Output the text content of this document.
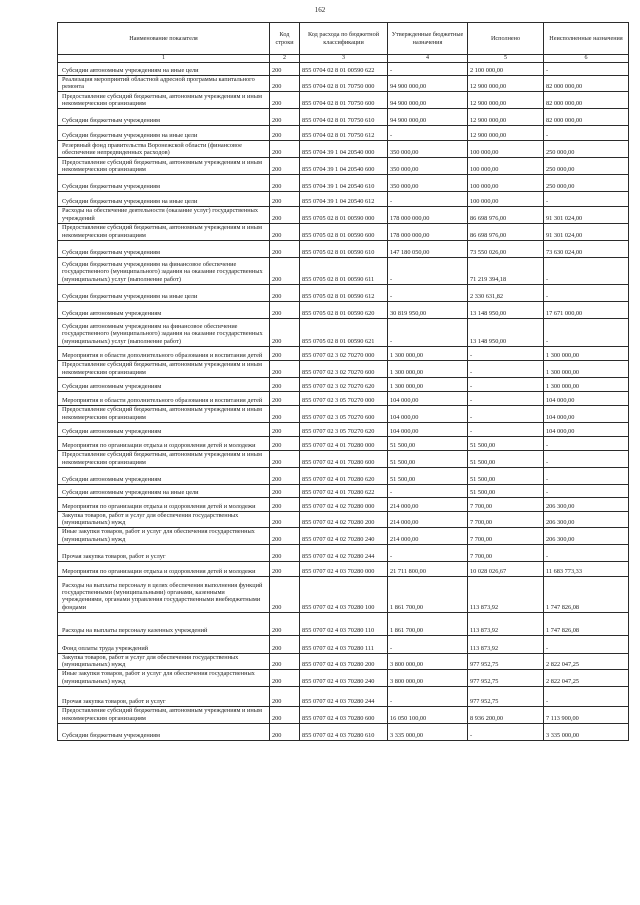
162
Наименование показателя	Код строки	Код расхода по бюджетной классификации	Утвержденные бюджетные назначения	Исполнено	Неисполненные назначения
1	2	3	4	5	6
Субсидии автономным учреждениям на иные цели	200	855 0704 02 8 01 00590 622	-	2 100 000,00	-
Реализация мероприятий областной адресной программы капитального ремонта	200	855 0704 02 8 01 70750 000	94 900 000,00	12 900 000,00	82 000 000,00
Предоставление субсидий бюджетным, автономным учреждениям и иным некоммерческим организациям	200	855 0704 02 8 01 70750 600	94 900 000,00	12 900 000,00	82 000 000,00
Субсидии бюджетным учреждениям	200	855 0704 02 8 01 70750 610	94 900 000,00	12 900 000,00	82 000 000,00
Субсидии бюджетным учреждениям на иные цели	200	855 0704 02 8 01 70750 612	-	12 900 000,00	-
Резервный фонд правительства Воронежской области (финансовое обеспечение непредвиденных расходов)	200	855 0704 39 1 04 20540 000	350 000,00	100 000,00	250 000,00
Предоставление субсидий бюджетным, автономным учреждениям и иным некоммерческим организациям	200	855 0704 39 1 04 20540 600	350 000,00	100 000,00	250 000,00
Субсидии бюджетным учреждениям	200	855 0704 39 1 04 20540 610	350 000,00	100 000,00	250 000,00
Субсидии бюджетным учреждениям на иные цели	200	855 0704 39 1 04 20540 612	-	100 000,00	-
Расходы на обеспечение деятельности (оказание услуг) государственных учреждений	200	855 0705 02 8 01 00590 000	178 000 000,00	86 698 976,00	91 301 024,00
Предоставление субсидий бюджетным, автономным учреждениям и иным некоммерческим организациям	200	855 0705 02 8 01 00590 600	178 000 000,00	86 698 976,00	91 301 024,00
Субсидии бюджетным учреждениям	200	855 0705 02 8 01 00590 610	147 180 050,00	73 550 026,00	73 630 024,00
Субсидии бюджетным учреждениям на финансовое обеспечение государственного (муниципального) задания на оказание государственных (муниципальных) услуг (выполнение работ)	200	855 0705 02 8 01 00590 611	-	71 219 394,18	-
Субсидии бюджетным учреждениям на иные цели	200	855 0705 02 8 01 00590 612	-	2 330 631,82	-
Субсидии автономным учреждениям	200	855 0705 02 8 01 00590 620	30 819 950,00	13 148 950,00	17 671 000,00
Субсидии автономным учреждениям на финансовое обеспечение государственного (муниципального) задания на оказание государственных (муниципальных) услуг (выполнение работ)	200	855 0705 02 8 01 00590 621	-	13 148 950,00	-
Мероприятия в области дополнительного образования и воспитания детей	200	855 0707 02 3 02 70270 000	1 300 000,00	-	1 300 000,00
Предоставление субсидий бюджетным, автономным учреждениям и иным некоммерческим организациям	200	855 0707 02 3 02 70270 600	1 300 000,00	-	1 300 000,00
Субсидии автономным учреждениям	200	855 0707 02 3 02 70270 620	1 300 000,00	-	1 300 000,00
Мероприятия в области дополнительного образования и воспитания детей	200	855 0707 02 3 05 70270 000	104 000,00	-	104 000,00
Предоставление субсидий бюджетным, автономным учреждениям и иным некоммерческим организациям	200	855 0707 02 3 05 70270 600	104 000,00	-	104 000,00
Субсидии автономным учреждениям	200	855 0707 02 3 05 70270 620	104 000,00	-	104 000,00
Мероприятия по организации отдыха и оздоровления детей и молодежи	200	855 0707 02 4 01 70280 000	51 500,00	51 500,00	-
Предоставление субсидий бюджетным, автономным учреждениям и иным некоммерческим организациям	200	855 0707 02 4 01 70280 600	51 500,00	51 500,00	-
Субсидии автономным учреждениям	200	855 0707 02 4 01 70280 620	51 500,00	51 500,00	-
Субсидии автономным учреждениям на иные цели	200	855 0707 02 4 01 70280 622	-	51 500,00	-
Мероприятия по организации отдыха и оздоровления детей и молодежи	200	855 0707 02 4 02 70280 000	214 000,00	7 700,00	206 300,00
Закупка товаров, работ и услуг для обеспечения государственных (муниципальных) нужд	200	855 0707 02 4 02 70280 200	214 000,00	7 700,00	206 300,00
Иные закупки товаров, работ и услуг для обеспечения государственных (муниципальных) нужд	200	855 0707 02 4 02 70280 240	214 000,00	7 700,00	206 300,00
Прочая закупка товаров, работ и услуг	200	855 0707 02 4 02 70280 244	-	7 700,00	-
Мероприятия по организации отдыха и оздоровления детей и молодежи	200	855 0707 02 4 03 70280 000	21 711 800,00	10 028 026,67	11 683 773,33
Расходы на выплаты персоналу в целях обеспечения выполнения функций государственными (муниципальными) органами, казенными учреждениями, органами управления государственными внебюджетными фондами	200	855 0707 02 4 03 70280 100	1 861 700,00	113 873,92	1 747 826,08
Расходы на выплаты персоналу казенных учреждений	200	855 0707 02 4 03 70280 110	1 861 700,00	113 873,92	1 747 826,08
Фонд оплаты труда учреждений	200	855 0707 02 4 03 70280 111	-	113 873,92	-
Закупка товаров, работ и услуг для обеспечения государственных (муниципальных) нужд	200	855 0707 02 4 03 70280 200	3 800 000,00	977 952,75	2 822 047,25
Иные закупки товаров, работ и услуг для обеспечения государственных (муниципальных) нужд	200	855 0707 02 4 03 70280 240	3 800 000,00	977 952,75	2 822 047,25
Прочая закупка товаров, работ и услуг	200	855 0707 02 4 03 70280 244	-	977 952,75	-
Предоставление субсидий бюджетным, автономным учреждениям и иным некоммерческим организациям	200	855 0707 02 4 03 70280 600	16 050 100,00	8 936 200,00	7 113 900,00
Субсидии бюджетным учреждениям	200	855 0707 02 4 03 70280 610	3 335 000,00	-	3 335 000,00
